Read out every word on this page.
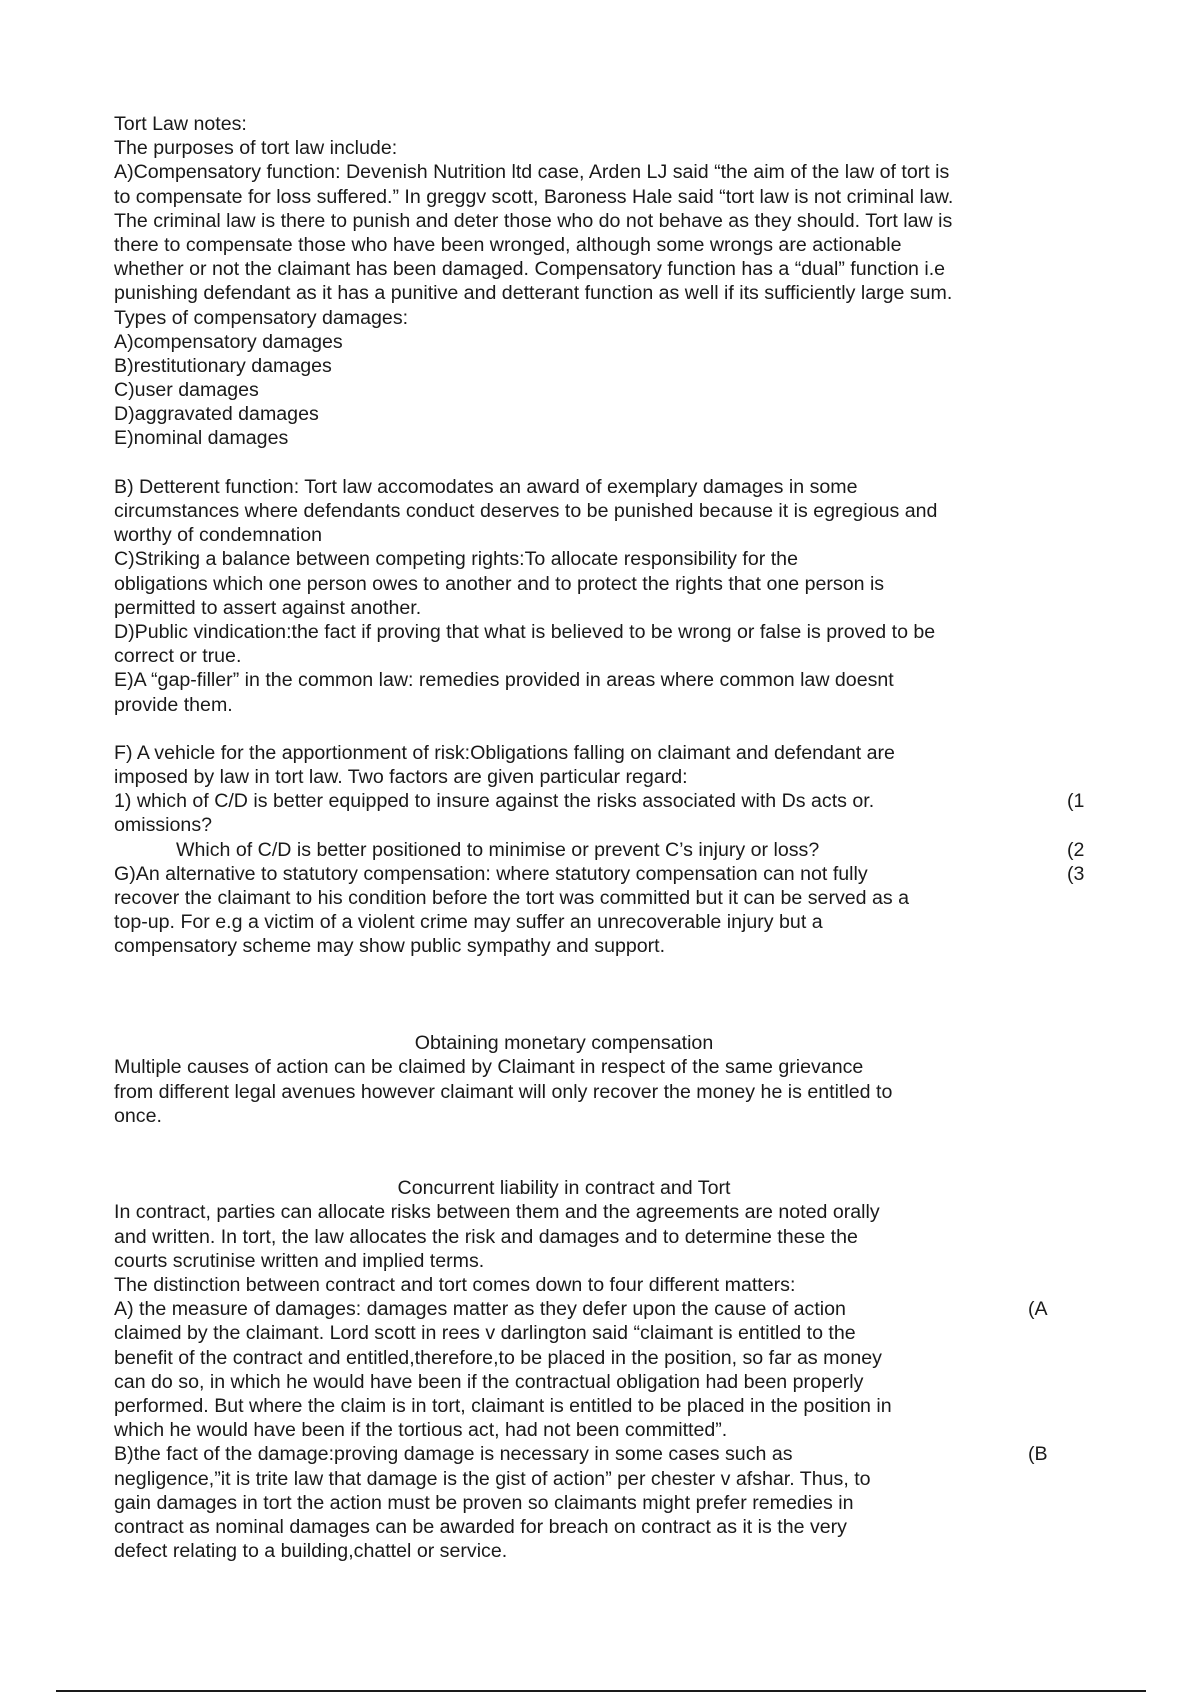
Tort Law notes:
The purposes of tort law include:
A)Compensatory function: Devenish Nutrition ltd case, Arden LJ said “the aim of the law of tort is
to compensate for loss suffered.” In greggv scott, Baroness Hale said “tort law is not criminal law.
The criminal law is there to punish and deter those who do not behave as they should. Tort law is
there to compensate those who have been wronged, although some wrongs are actionable
whether or not the claimant has been damaged. Compensatory function has a “dual” function i.e
punishing defendant as it has a punitive and detterant function as well if its sufficiently large sum.
Types of compensatory damages:
A)compensatory damages
B)restitutionary damages
C)user damages
D)aggravated damages
E)nominal damages
B) Detterent function: Tort law accomodates an award of exemplary damages in some
circumstances where defendants conduct deserves to be punished because it is egregious and
worthy of condemnation
C)Striking a balance between competing rights:To allocate responsibility for the
obligations which one person owes to another and to protect the rights that one person is
permitted to assert against another.
D)Public vindication:the fact if proving that what is believed to be wrong or false is proved to be
correct or true.
E)A “gap-filler” in the common law: remedies provided in areas where common law doesnt
provide them.
F) A vehicle for the apportionment of risk:Obligations falling on claimant and defendant are
imposed by law in tort law. Two factors are given particular regard:
1) which of C/D is better equipped to insure against the risks associated with Ds acts or.	(1
omissions?
Which of C/D is better positioned to minimise or prevent C’s injury or loss?	(2
G)An alternative to statutory compensation: where statutory compensation can not fully	(3
recover the claimant to his condition before the tort was committed but it can be served as a
top-up. For e.g a victim of a violent crime may suffer an unrecoverable injury but a
compensatory scheme may show public sympathy and support.
Obtaining monetary compensation
Multiple causes of action can be claimed by Claimant in respect of the same grievance
from different legal avenues however claimant will only recover the money he is entitled to
once.
Concurrent liability in contract and Tort
In contract, parties can allocate risks between them and the agreements are noted orally
and written. In tort, the law allocates the risk and damages and to determine these the
courts scrutinise written and implied terms.
The distinction between contract and tort comes down to four different matters:
A) the measure of damages: damages matter as they defer upon the cause of action	(A
claimed by the claimant. Lord scott in rees v darlington said “claimant is entitled to the
benefit of the contract and entitled,therefore,to be placed in the position, so far as money
can do so, in which he would have been if the contractual obligation had been properly
performed. But where the claim is in tort, claimant is entitled to be placed in the position in
which he would have been if the tortious act, had not been committed”.
B)the fact of the damage:proving damage is necessary in some cases such as	(B
negligence,”it is trite law that damage is the gist of action” per chester v afshar. Thus, to
gain damages in tort the action must be proven so claimants might prefer remedies in
contract as nominal damages can be awarded for breach on contract as it is the very
defect relating to a building,chattel or service.
